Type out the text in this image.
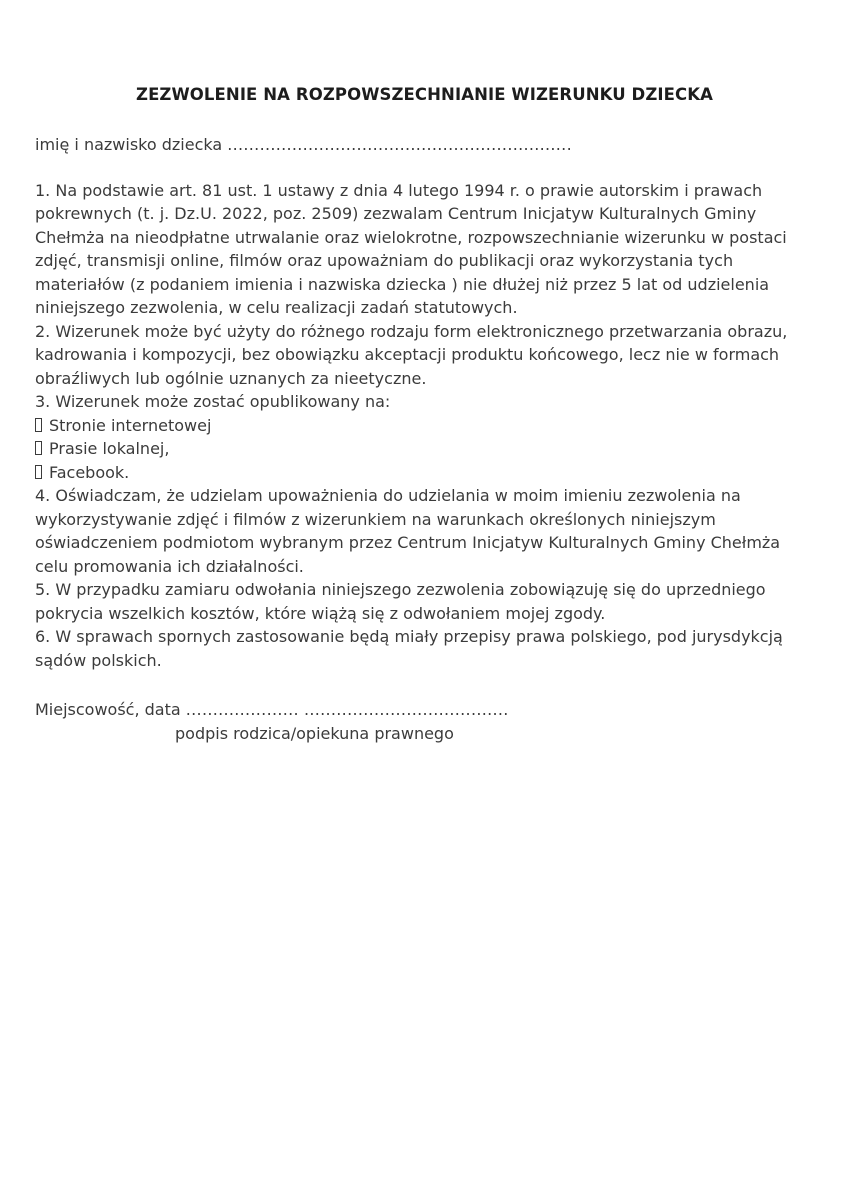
ZEZWOLENIE NA ROZPOWSZECHNIANIE WIZERUNKU DZIECKA
imię i nazwisko dziecka ................................................................

1. Na podstawie art. 81 ust. 1 ustawy z dnia 4 lutego 1994 r. o prawie autorskim i prawach pokrewnych (t. j. Dz.U. 2022, poz. 2509) zezwalam Centrum Inicjatyw Kulturalnych Gminy Chełmża na nieodpłatne utrwalanie oraz wielokrotne, rozpowszechnianie wizerunku w postaci zdjęć, transmisji online, filmów oraz upoważniam do publikacji oraz wykorzystania tych materiałów (z podaniem imienia i nazwiska dziecka ) nie dłużej niż przez 5 lat od udzielenia niniejszego zezwolenia, w celu realizacji zadań statutowych.

2. Wizerunek może być użyty do różnego rodzaju form elektronicznego przetwarzania obrazu, kadrowania i kompozycji, bez obowiązku akceptacji produktu końcowego, lecz nie w formach obraźliwych lub ogólnie uznanych za nieetyczne.

3. Wizerunek może zostać opublikowany na:

Stronie internetowej
Prasie lokalnej,
Facebook.

4. Oświadczam, że udzielam upoważnienia do udzielania w moim imieniu zezwolenia na wykorzystywanie zdjęć i filmów z wizerunkiem na warunkach określonych niniejszym oświadczeniem podmiotom wybranym przez Centrum Inicjatyw Kulturalnych Gminy Chełmża celu promowania ich działalności.

5. W przypadku zamiaru odwołania niniejszego zezwolenia zobowiązuję się do uprzedniego pokrycia wszelkich kosztów, które wiążą się z odwołaniem mojej zgody.

6. W sprawach spornych zastosowanie będą miały przepisy prawa polskiego, pod jurysdykcją sądów polskich.

Miejscowość, data ..................... ......................................
podpis rodzica/opiekuna prawnego
